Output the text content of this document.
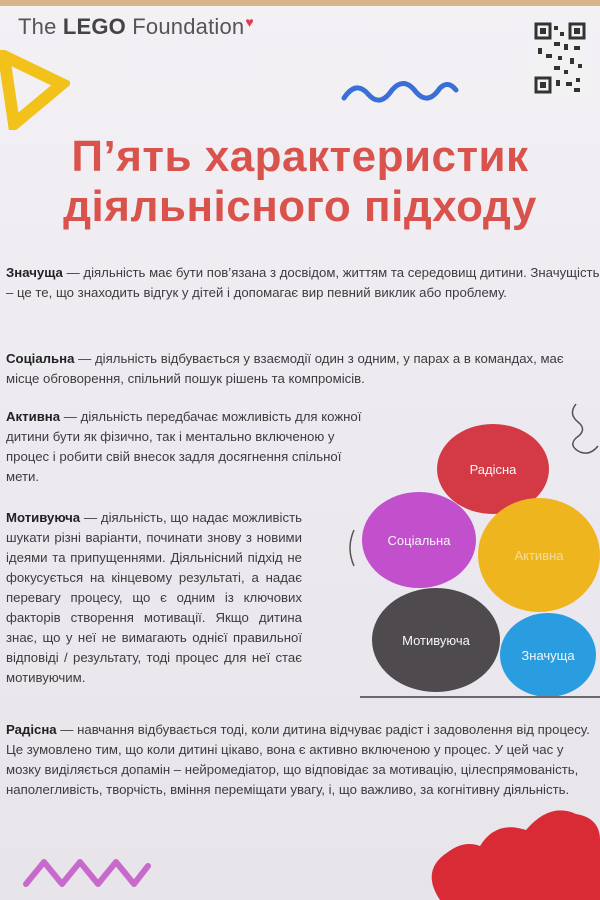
The LEGO Foundation♥
П’ять характеристик
діяльнісного підходу
Значуща — діяльність має бути пов’язана з досвідом, життям та середовищ дитини. Значущість – це те, що знаходить відгук у дітей і допомагає вир певний виклик або проблему.
Соціальна — діяльність відбувається у взаємодії один з одним, у парах а в командах, має місце обговорення, спільний пошук рішень та компромісів.
Активна — діяльність передбачає можливість для кожної дитини бути як фізично, так і ментально включеною у процес і робити свій внесок задля досягнення спільної мети.
Мотивуюча — діяльність, що надає можливість шукати різні варіанти, починати знову з новими ідеями та припущеннями. Діяльнісний підхід не фокусується на кінцевому результаті, а надає перевагу процесу, що є одним із ключових факторів створення мотивації. Якщо дитина знає, що у неї не вимагають однієї правильної відповіді / результату, тоді процес для неї стає мотивуючим.
Радісна — навчання відбувається тоді, коли дитина відчуває радіст і задоволення від процесу. Це зумовлено тим, що коли дитині цікаво, вона є активно включеною у процес. У цей час у мозку виділяється допамін – нейромедіатор, що відповідає за мотивацію, цілеспрямованість, наполегливість, творчість, вміння переміщати увагу, і, що важливо, за когнітивну діяльність.
Радісна
Соціальна
Активна
Мотивуюча
Значуща
